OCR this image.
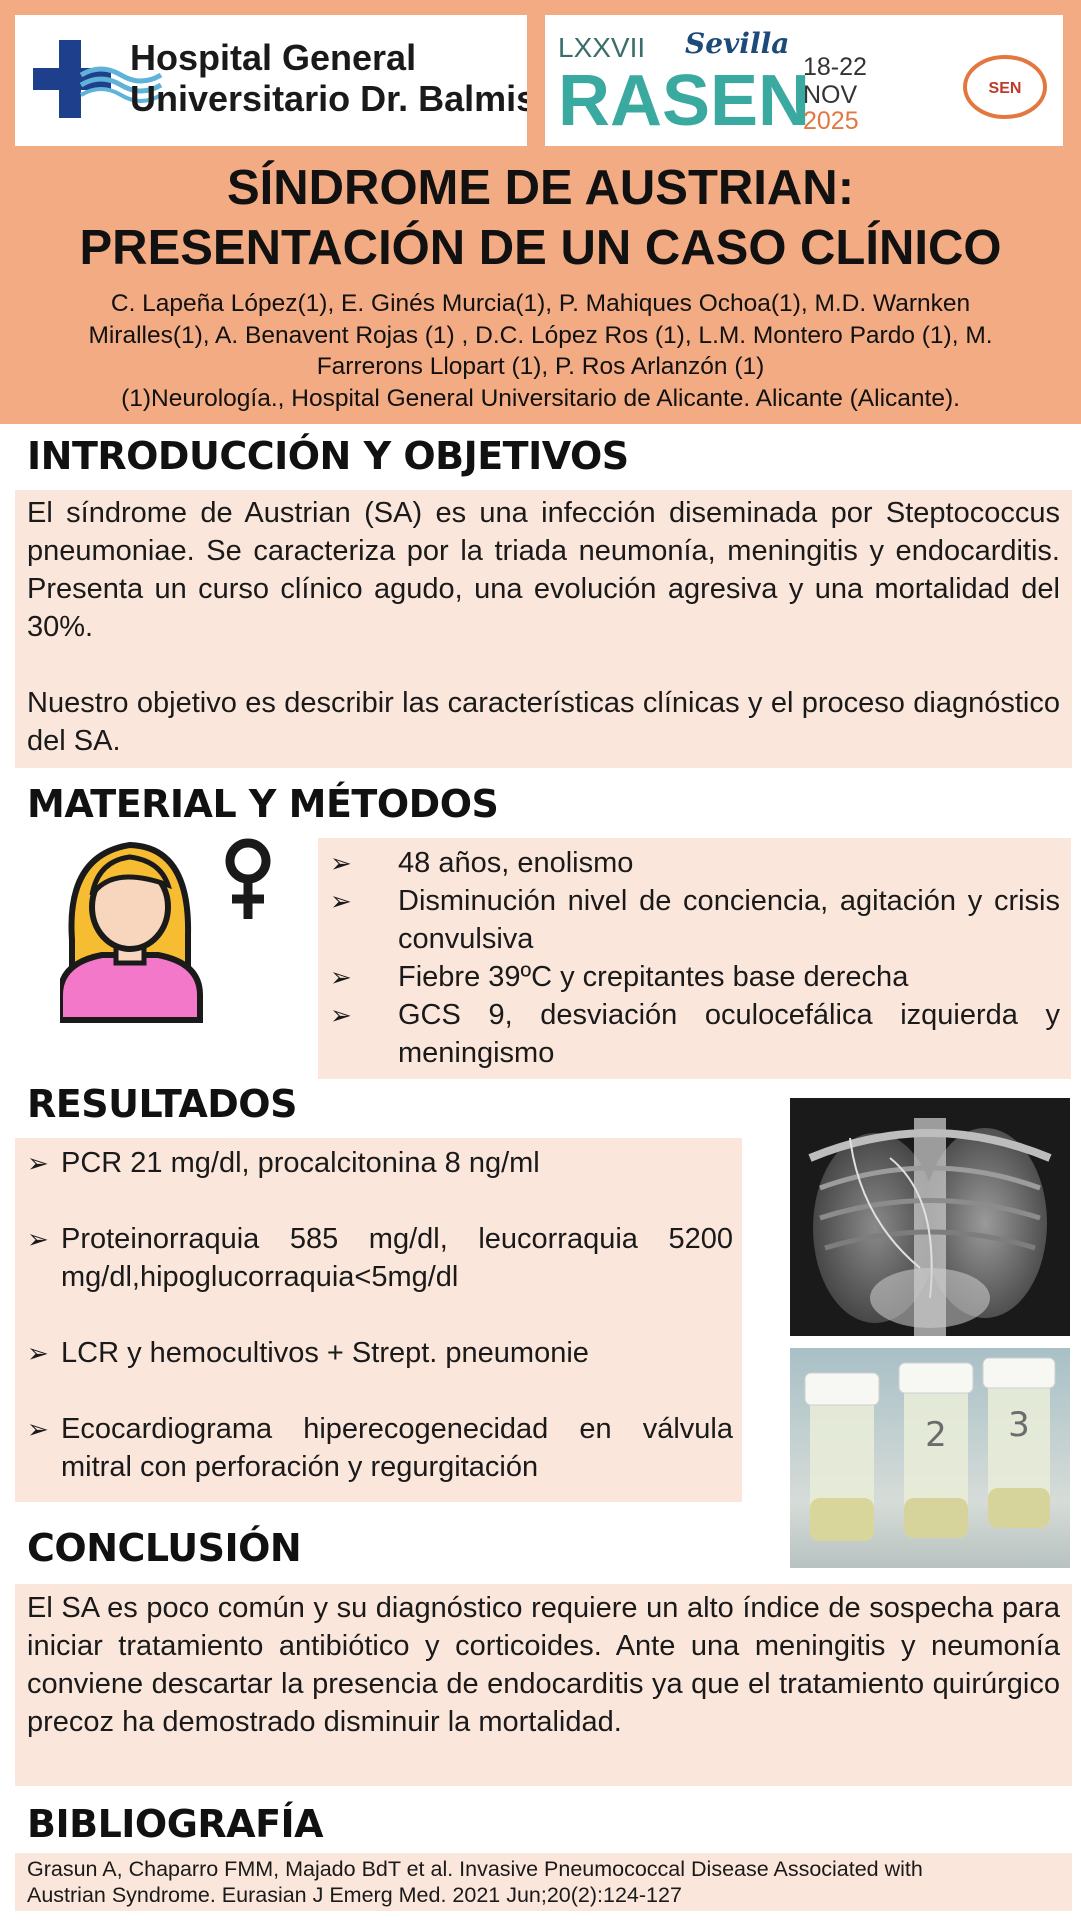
Hospital General
Universitario Dr. Balmis
LXXVII Sevilla
RASEN
18-22
NOV
2025
SEN
SÍNDROME DE AUSTRIAN:
PRESENTACIÓN DE UN CASO CLÍNICO
C. Lapeña López(1), E. Ginés Murcia(1), P. Mahiques Ochoa(1), M.D. Warnken
Miralles(1), A. Benavent Rojas (1) , D.C. López Ros (1), L.M. Montero Pardo (1), M.
Farrerons Llopart (1), P. Ros Arlanzón (1)
(1)Neurología., Hospital General Universitario de Alicante. Alicante (Alicante).
INTRODUCCIÓN Y OBJETIVOS
El síndrome de Austrian (SA) es una infección diseminada por Steptococcus pneumoniae. Se caracteriza por la triada neumonía, meningitis y endocarditis. Presenta un curso clínico agudo, una evolución agresiva y una mortalidad del 30%.
Nuestro objetivo es describir las características clínicas y el proceso diagnóstico del SA.
MATERIAL Y MÉTODOS
➢ 48 años, enolismo
➢ Disminución nivel de conciencia, agitación y crisis convulsiva
➢ Fiebre 39ºC y crepitantes base derecha
➢ GCS 9, desviación oculocefálica izquierda y meningismo
RESULTADOS
➢ PCR 21 mg/dl, procalcitonina 8 ng/ml
➢ Proteinorraquia 585 mg/dl, leucorraquia 5200 mg/dl,hipoglucorraquia<5mg/dl
➢ LCR y hemocultivos + Strept. pneumonie
➢ Ecocardiograma hiperecogenecidad en válvula mitral con perforación y regurgitación
2 3
CONCLUSIÓN
El SA es poco común y su diagnóstico requiere un alto índice de sospecha para iniciar tratamiento antibiótico y corticoides. Ante una meningitis y neumonía conviene descartar la presencia de endocarditis ya que el tratamiento quirúrgico precoz ha demostrado disminuir la mortalidad.
BIBLIOGRAFÍA
Grasun A, Chaparro FMM, Majado BdT et al. Invasive Pneumococcal Disease Associated with
Austrian Syndrome. Eurasian J Emerg Med. 2021 Jun;20(2):124-127
